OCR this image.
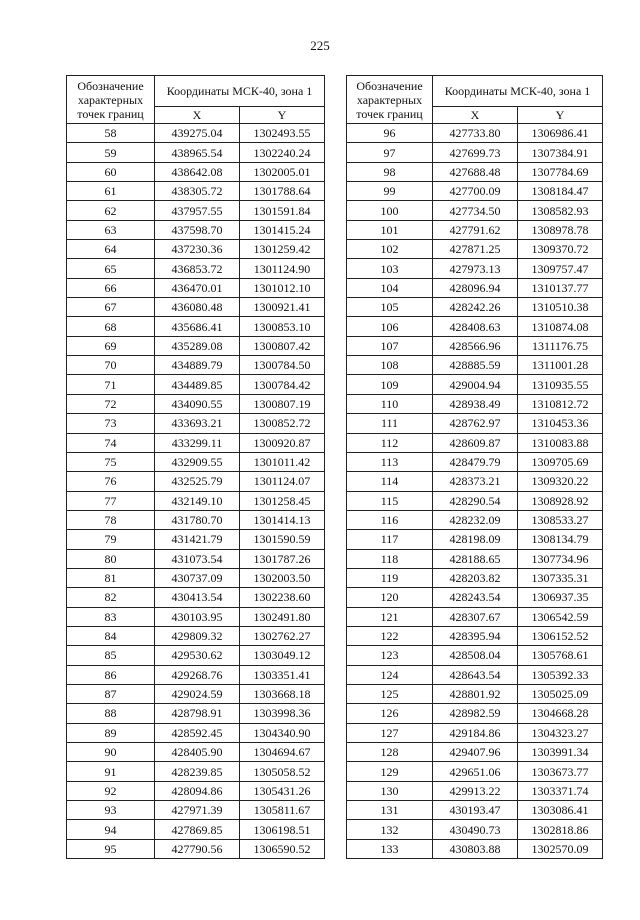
225
Обозначение характерных точек границ	Координаты МСК-40, зона 1	
	X	Y
58	439275.04	1302493.55
59	438965.54	1302240.24
60	438642.08	1302005.01
61	438305.72	1301788.64
62	437957.55	1301591.84
63	437598.70	1301415.24
64	437230.36	1301259.42
65	436853.72	1301124.90
66	436470.01	1301012.10
67	436080.48	1300921.41
68	435686.41	1300853.10
69	435289.08	1300807.42
70	434889.79	1300784.50
71	434489.85	1300784.42
72	434090.55	1300807.19
73	433693.21	1300852.72
74	433299.11	1300920.87
75	432909.55	1301011.42
76	432525.79	1301124.07
77	432149.10	1301258.45
78	431780.70	1301414.13
79	431421.79	1301590.59
80	431073.54	1301787.26
81	430737.09	1302003.50
82	430413.54	1302238.60
83	430103.95	1302491.80
84	429809.32	1302762.27
85	429530.62	1303049.12
86	429268.76	1303351.41
87	429024.59	1303668.18
88	428798.91	1303998.36
89	428592.45	1304340.90
90	428405.90	1304694.67
91	428239.85	1305058.52
92	428094.86	1305431.26
93	427971.39	1305811.67
94	427869.85	1306198.51
95	427790.56	1306590.52
Обозначение характерных точек границ	Координаты МСК-40, зона 1	
	X	Y
96	427733.80	1306986.41
97	427699.73	1307384.91
98	427688.48	1307784.69
99	427700.09	1308184.47
100	427734.50	1308582.93
101	427791.62	1308978.78
102	427871.25	1309370.72
103	427973.13	1309757.47
104	428096.94	1310137.77
105	428242.26	1310510.38
106	428408.63	1310874.08
107	428566.96	1311176.75
108	428885.59	1311001.28
109	429004.94	1310935.55
110	428938.49	1310812.72
111	428762.97	1310453.36
112	428609.87	1310083.88
113	428479.79	1309705.69
114	428373.21	1309320.22
115	428290.54	1308928.92
116	428232.09	1308533.27
117	428198.09	1308134.79
118	428188.65	1307734.96
119	428203.82	1307335.31
120	428243.54	1306937.35
121	428307.67	1306542.59
122	428395.94	1306152.52
123	428508.04	1305768.61
124	428643.54	1305392.33
125	428801.92	1305025.09
126	428982.59	1304668.28
127	429184.86	1304323.27
128	429407.96	1303991.34
129	429651.06	1303673.77
130	429913.22	1303371.74
131	430193.47	1303086.41
132	430490.73	1302818.86
133	430803.88	1302570.09
